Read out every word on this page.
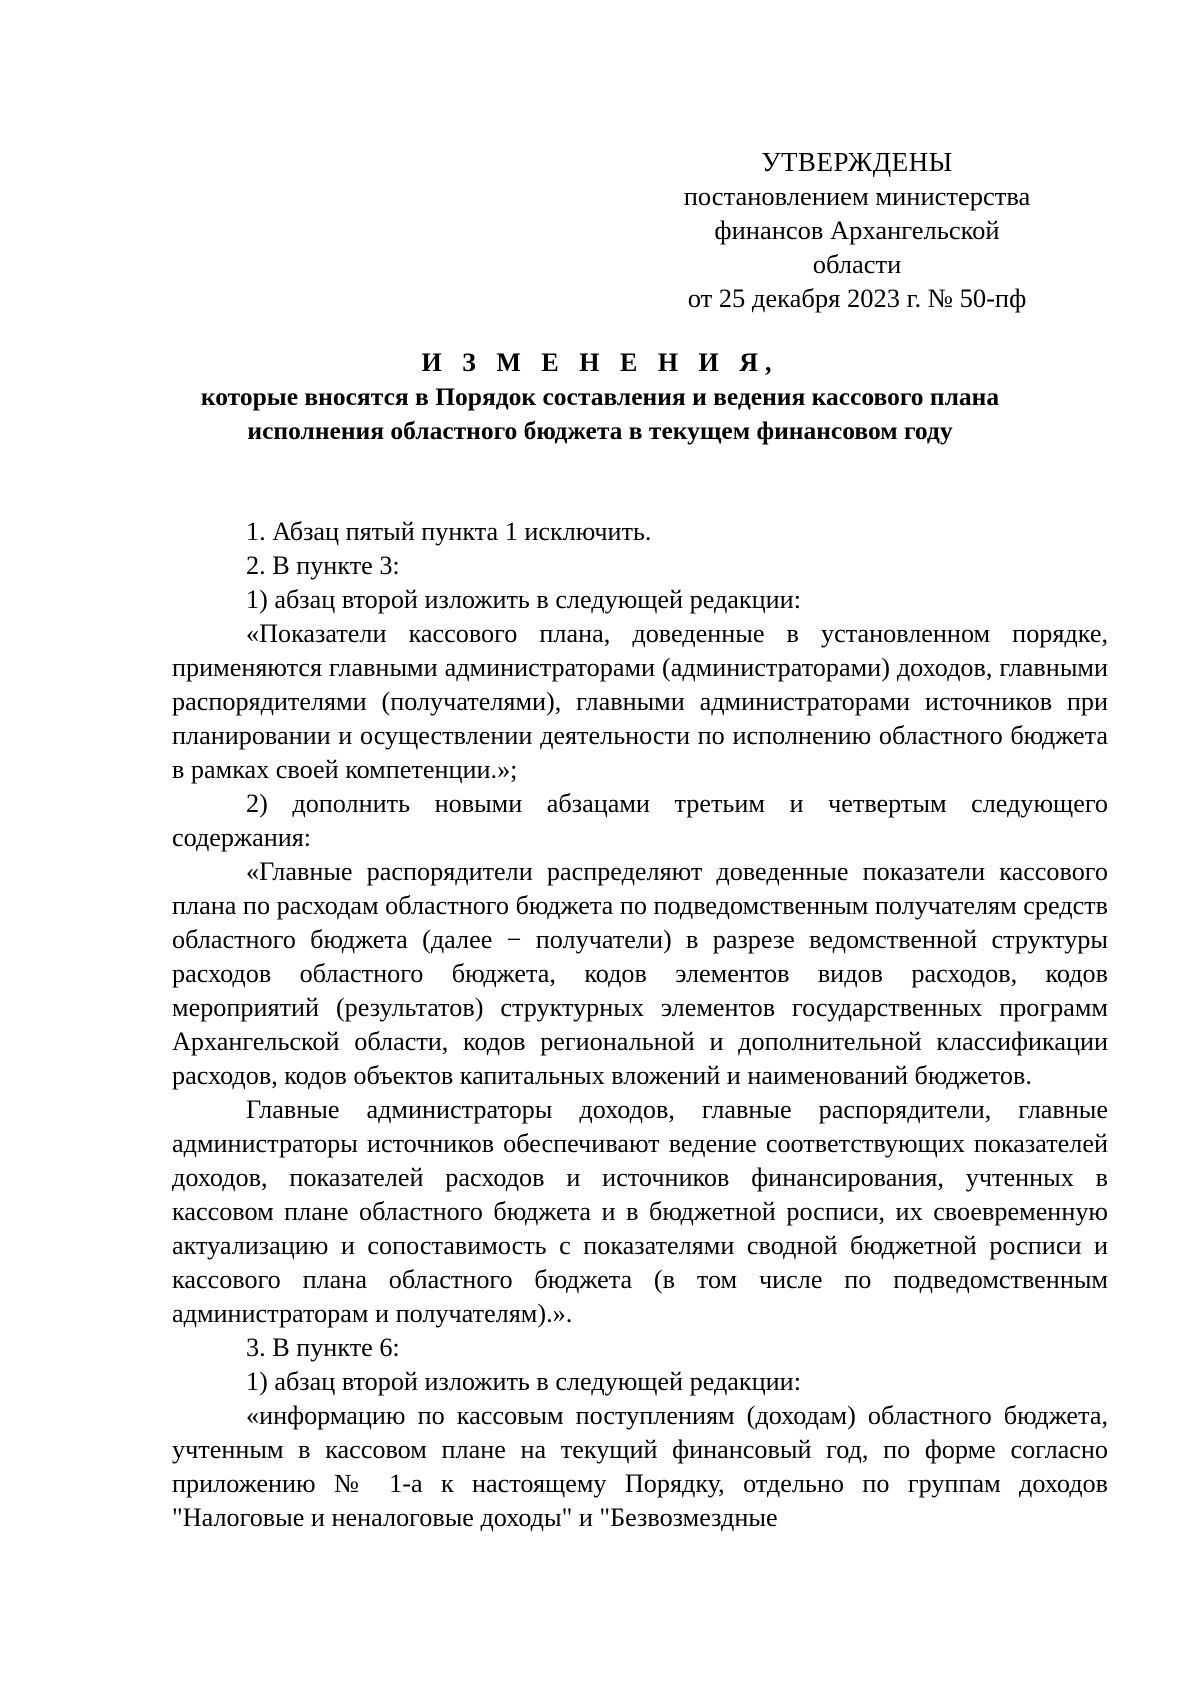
УТВЕРЖДЕНЫ
постановлением министерства
финансов Архангельской области
от 25 декабря 2023 г. № 50-пф
И З М Е Н Е Н И Я,
которые вносятся в Порядок составления и ведения кассового плана
исполнения областного бюджета в текущем финансовом году

1. Абзац пятый пункта 1 исключить.

2. В пункте 3:

1) абзац второй изложить в следующей редакции:

«Показатели кассового плана, доведенные в установленном порядке, применяются главными администраторами (администраторами) доходов, главными распорядителями (получателями), главными администраторами источников при планировании и осуществлении деятельности по исполнению областного бюджета в рамках своей компетенции.»;

2) дополнить новыми абзацами третьим и четвертым следующего содержания:

«Главные распорядители распределяют доведенные показатели кассового плана по расходам областного бюджета по подведомственным получателям средств областного бюджета (далее − получатели) в разрезе ведомственной структуры расходов областного бюджета, кодов элементов видов расходов, кодов мероприятий (результатов) структурных элементов государственных программ Архангельской области, кодов региональной и дополнительной классификации расходов, кодов объектов капитальных вложений и наименований бюджетов.

Главные администраторы доходов, главные распорядители, главные администраторы источников обеспечивают ведение соответствующих показателей доходов, показателей расходов и источников финансирования, учтенных в кассовом плане областного бюджета и в бюджетной росписи, их своевременную актуализацию и сопоставимость с показателями сводной бюджетной росписи и кассового плана областного бюджета (в том числе по подведомственным администраторам и получателям).».

3. В пункте 6:

1) абзац второй изложить в следующей редакции:

«информацию по кассовым поступлениям (доходам) областного бюджета, учтенным в кассовом плане на текущий финансовый год, по форме согласно приложению № 1-а к настоящему Порядку, отдельно по группам доходов "Налоговые и неналоговые доходы" и "Безвозмездные
